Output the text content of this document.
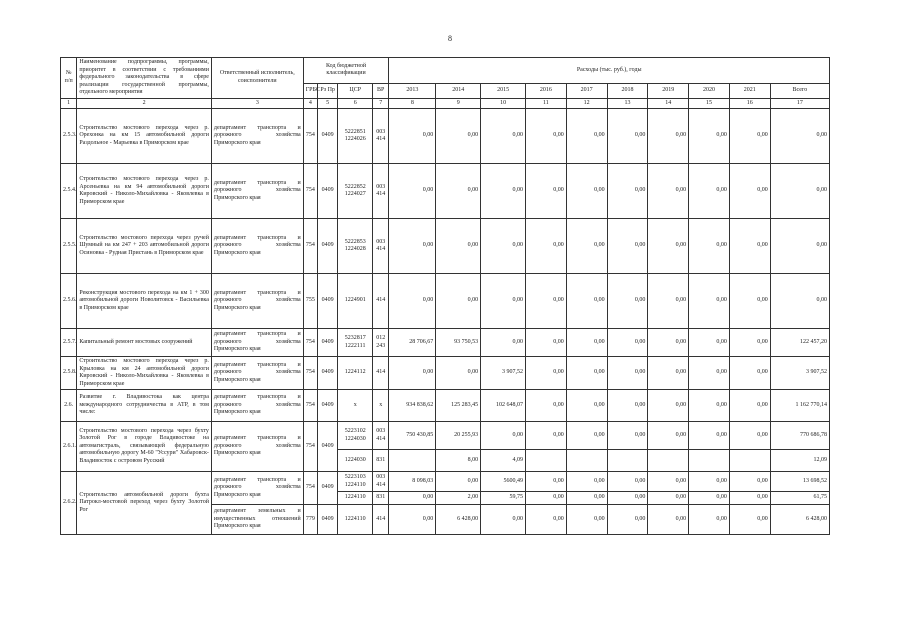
8
№ п/п	Наименование подпрограммы, программы, приоритет в соответствии с требованиями федерального законодательства в сфере реализации государственной программы, отдельного мероприятия	Ответственный исполнитель, соисполнители	Код бюджетной классификации				Расходы (тыс. руб.), годы									
			ГРБС	Рз Пр	ЦСР	ВР	2013	2014	2015	2016	2017	2018	2019	2020	2021	Всего
1	2	3	4	5	6	7	8	9	10	11	12	13	14	15	16	17
2.5.3.	Строительство мостового перехода через р. Орехонка на км 15 автомобильной дороги Раздольное - Марьевка в Приморском крае	департамент транспорта и дорожного хозяйства Приморского края	754	0409	5222851 1224026	003 414	0,00	0,00	0,00	0,00	0,00	0,00	0,00	0,00	0,00	0,00
2.5.4.	Строительство мостового перехода через р. Арсеньевка на км 94 автомобильной дороги Кировский - Николо-Михайловка - Яковлевка в Приморском крае	департамент транспорта и дорожного хозяйства Приморского края	754	0409	5222852 1224027	003 414	0,00	0,00	0,00	0,00	0,00	0,00	0,00	0,00	0,00	0,00
2.5.5.	Строительство мостового перехода через ручей Шумный на км 247 + 203 автомобильной дороги Осиновка - Рудная Пристань в Приморском крае	департамент транспорта и дорожного хозяйства Приморского края	754	0409	5222853 1224028	003 414	0,00	0,00	0,00	0,00	0,00	0,00	0,00	0,00	0,00	0,00
2.5.6.	Реконструкция мостового перехода на км 1 + 300 автомобильной дороги Новолитовск - Васильевка в Приморском крае	департамент транспорта и дорожного хозяйства Приморского края	755	0409	1224901	414	0,00	0,00	0,00	0,00	0,00	0,00	0,00	0,00	0,00	0,00
2.5.7.	Капитальный ремонт мостовых сооружений	департамент транспорта и дорожного хозяйства Приморского края	754	0409	5232817 1222111	012 243	28 706,67	93 750,53	0,00	0,00	0,00	0,00	0,00	0,00	0,00	122 457,20
2.5.8.	Строительство мостового перехода через р. Крыловка на км 24 автомобильной дороги Кировский - Николо-Михайловка - Яковлевка в Приморском крае	департамент транспорта и дорожного хозяйства Приморского края	754	0409	1224112	414	0,00	0,00	3 907,52	0,00	0,00	0,00	0,00	0,00	0,00	3 907,52
2.6.	Развитие г. Владивостока как центра международного сотрудничества в АТР, в том числе:	департамент транспорта и дорожного хозяйства Приморского края	754	0409	х	х	934 838,62	125 283,45	102 648,07	0,00	0,00	0,00	0,00	0,00	0,00	1 162 770,14
2.6.1.	Строительство мостового перехода через бухту Золотой Рог в городе Владивостоке на автомагистраль, связывающей федеральную автомобильную дорогу М-60 "Уссури" Хабаровск-Владивосток с островом Русский	департамент транспорта и дорожного хозяйства Приморского края	754	0409	5223102 1224030	003 414	750 430,85	20 255,93	0,00	0,00	0,00	0,00	0,00	0,00	0,00	770 686,78
					1224030	831		8,00	4,09							12,09
2.6.2.	Строительство автомобильной дороги бухта Патрокл-мостовой переход через бухту Золотой Рог	департамент транспорта и дорожного хозяйства Приморского края	754	0409	5223103 1224110	003 414	8 098,03	0,00	5600,49	0,00	0,00	0,00	0,00	0,00	0,00	13 698,52
					1224110	831	0,00	2,00	59,75	0,00	0,00	0,00	0,00	0,00	0,00	61,75
		департамент земельных и имущественных отношений Приморского края	779	0409	1224110	414	0,00	6 428,00	0,00	0,00	0,00	0,00	0,00	0,00	0,00	6 428,00
